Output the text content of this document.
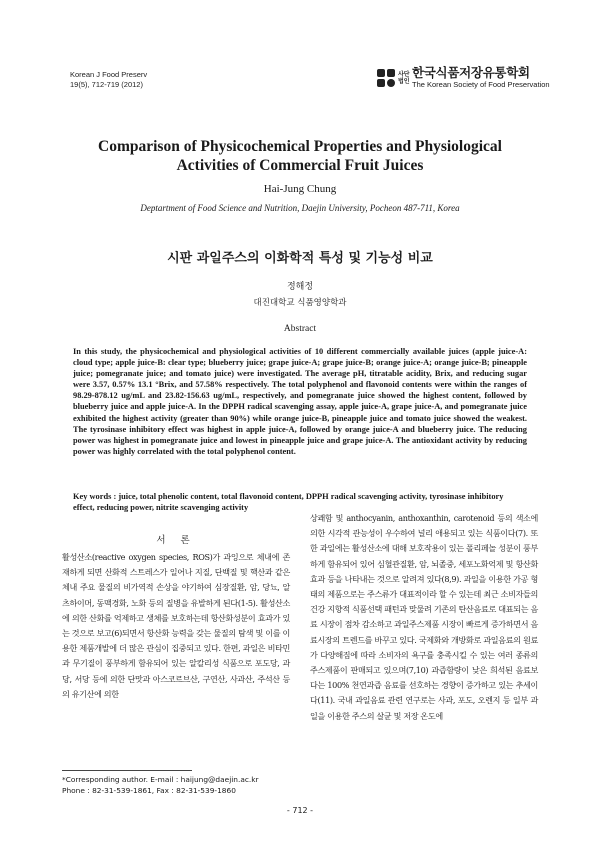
Korean J Food Preserv
19(5), 712-719 (2012)
사단법인
한국식품저장유통학회
The Korean Society of Food Preservation
Comparison of Physicochemical Properties and Physiological
Activities of Commercial Fruit Juices
Hai-Jung Chung
Deptartment of Food Science and Nutrition, Daejin University, Pocheon 487-711, Korea
시판 과일주스의 이화학적 특성 및 기능성 비교
정해정
대진대학교 식품영양학과
Abstract

In this study, the physicochemical and physiological activities of 10 different commercially available juices (apple juice-A: cloud type; apple juice-B: clear type; blueberry juice; grape juice-A; grape juice-B; orange juice-A; orange juice-B; pineapple juice; pomegranate juice; and tomato juice) were investigated. The average pH, titratable acidity, Brix, and reducing sugar were 3.57, 0.57% 13.1 °Brix, and 57.58% respectively. The total polyphenol and flavonoid contents were within the ranges of 98.29-878.12 ug/mL and 23.82-156.63 ug/mL, respectively, and pomegranate juice showed the highest content, followed by blueberry juice and apple juice-A. In the DPPH radical scavenging assay, apple juice-A, grape juice-A, and pomegranate juice exhibited the highest activity (greater than 90%) while orange juice-B, pineapple juice and tomato juice showed the weakest. The tyrosinase inhibitory effect was highest in apple juice-A, followed by orange juice-A and blueberry juice. The reducing power was highest in pomegranate juice and lowest in pineapple juice and grape juice-A. The antioxidant activity by reducing power was highly correlated with the total polyphenol content.

Key words : juice, total phenolic content, total flavonoid content, DPPH radical scavenging activity, tyrosinase inhibitory effect, reducing power, nitrite scavenging activity

서 론

활성산소(reactive oxygen species, ROS)가 과잉으로 체내에 존재하게 되면 산화적 스트레스가 일어나 지질, 단백질 및 핵산과 같은 체내 주요 물질의 비가역적 손상을 야기하여 심장질환, 암, 당뇨, 알츠하이머, 동맥경화, 노화 등의 질병을 유발하게 된다(1-5). 활성산소에 의한 산화를 억제하고 생체를 보호하는데 항산화성분이 효과가 있는 것으로 보고(6)되면서 항산화 능력을 갖는 물질의 탐색 및 이를 이용한 제품개발에 더 많은 관심이 집중되고 있다. 한편, 과일은 비타민과 무기질이 풍부하게 함유되어 있는 알칼리성 식품으로 포도당, 과당, 서당 등에 의한 단맛과 아스코르브산, 구연산, 사과산, 주석산 등의 유기산에 의한

상쾌함 및 anthocyanin, anthoxanthin, carotenoid 등의 색소에 의한 시각적 관능성이 우수하여 널리 애용되고 있는 식품이다(7). 또한 과일에는 활성산소에 대해 보호작용이 있는 폴리페놀 성분이 풍부하게 함유되어 있어 심혈관질환, 암, 뇌졸중, 세포노화억제 및 항산화 효과 등을 나타내는 것으로 알려져 있다(8,9). 과일을 이용한 가공 형태의 제품으로는 주스류가 대표적이라 할 수 있는데 최근 소비자들의 건강 지향적 식품선택 패턴과 맞물려 기존의 탄산음료로 대표되는 음료 시장이 점차 감소하고 과일주스제품 시장이 빠르게 증가하면서 음료시장의 트렌드를 바꾸고 있다. 국제화와 개방화로 과일음료의 원료가 다양해짐에 따라 소비자의 욕구를 충족시킬 수 있는 여러 종류의 주스제품이 판매되고 있으며(7,10) 과즙함량이 낮은 희석된 음료보다는 100% 천연과즙 음료를 선호하는 경향이 증가하고 있는 추세이다(11). 국내 과일음료 관련 연구로는 사과, 포도, 오렌지 등 일부 과일을 이용한 주스의 살균 및 저장 온도에

*Corresponding author. E-mail : haijung@daejin.ac.kr
Phone : 82-31-539-1861, Fax : 82-31-539-1860
- 712 -
